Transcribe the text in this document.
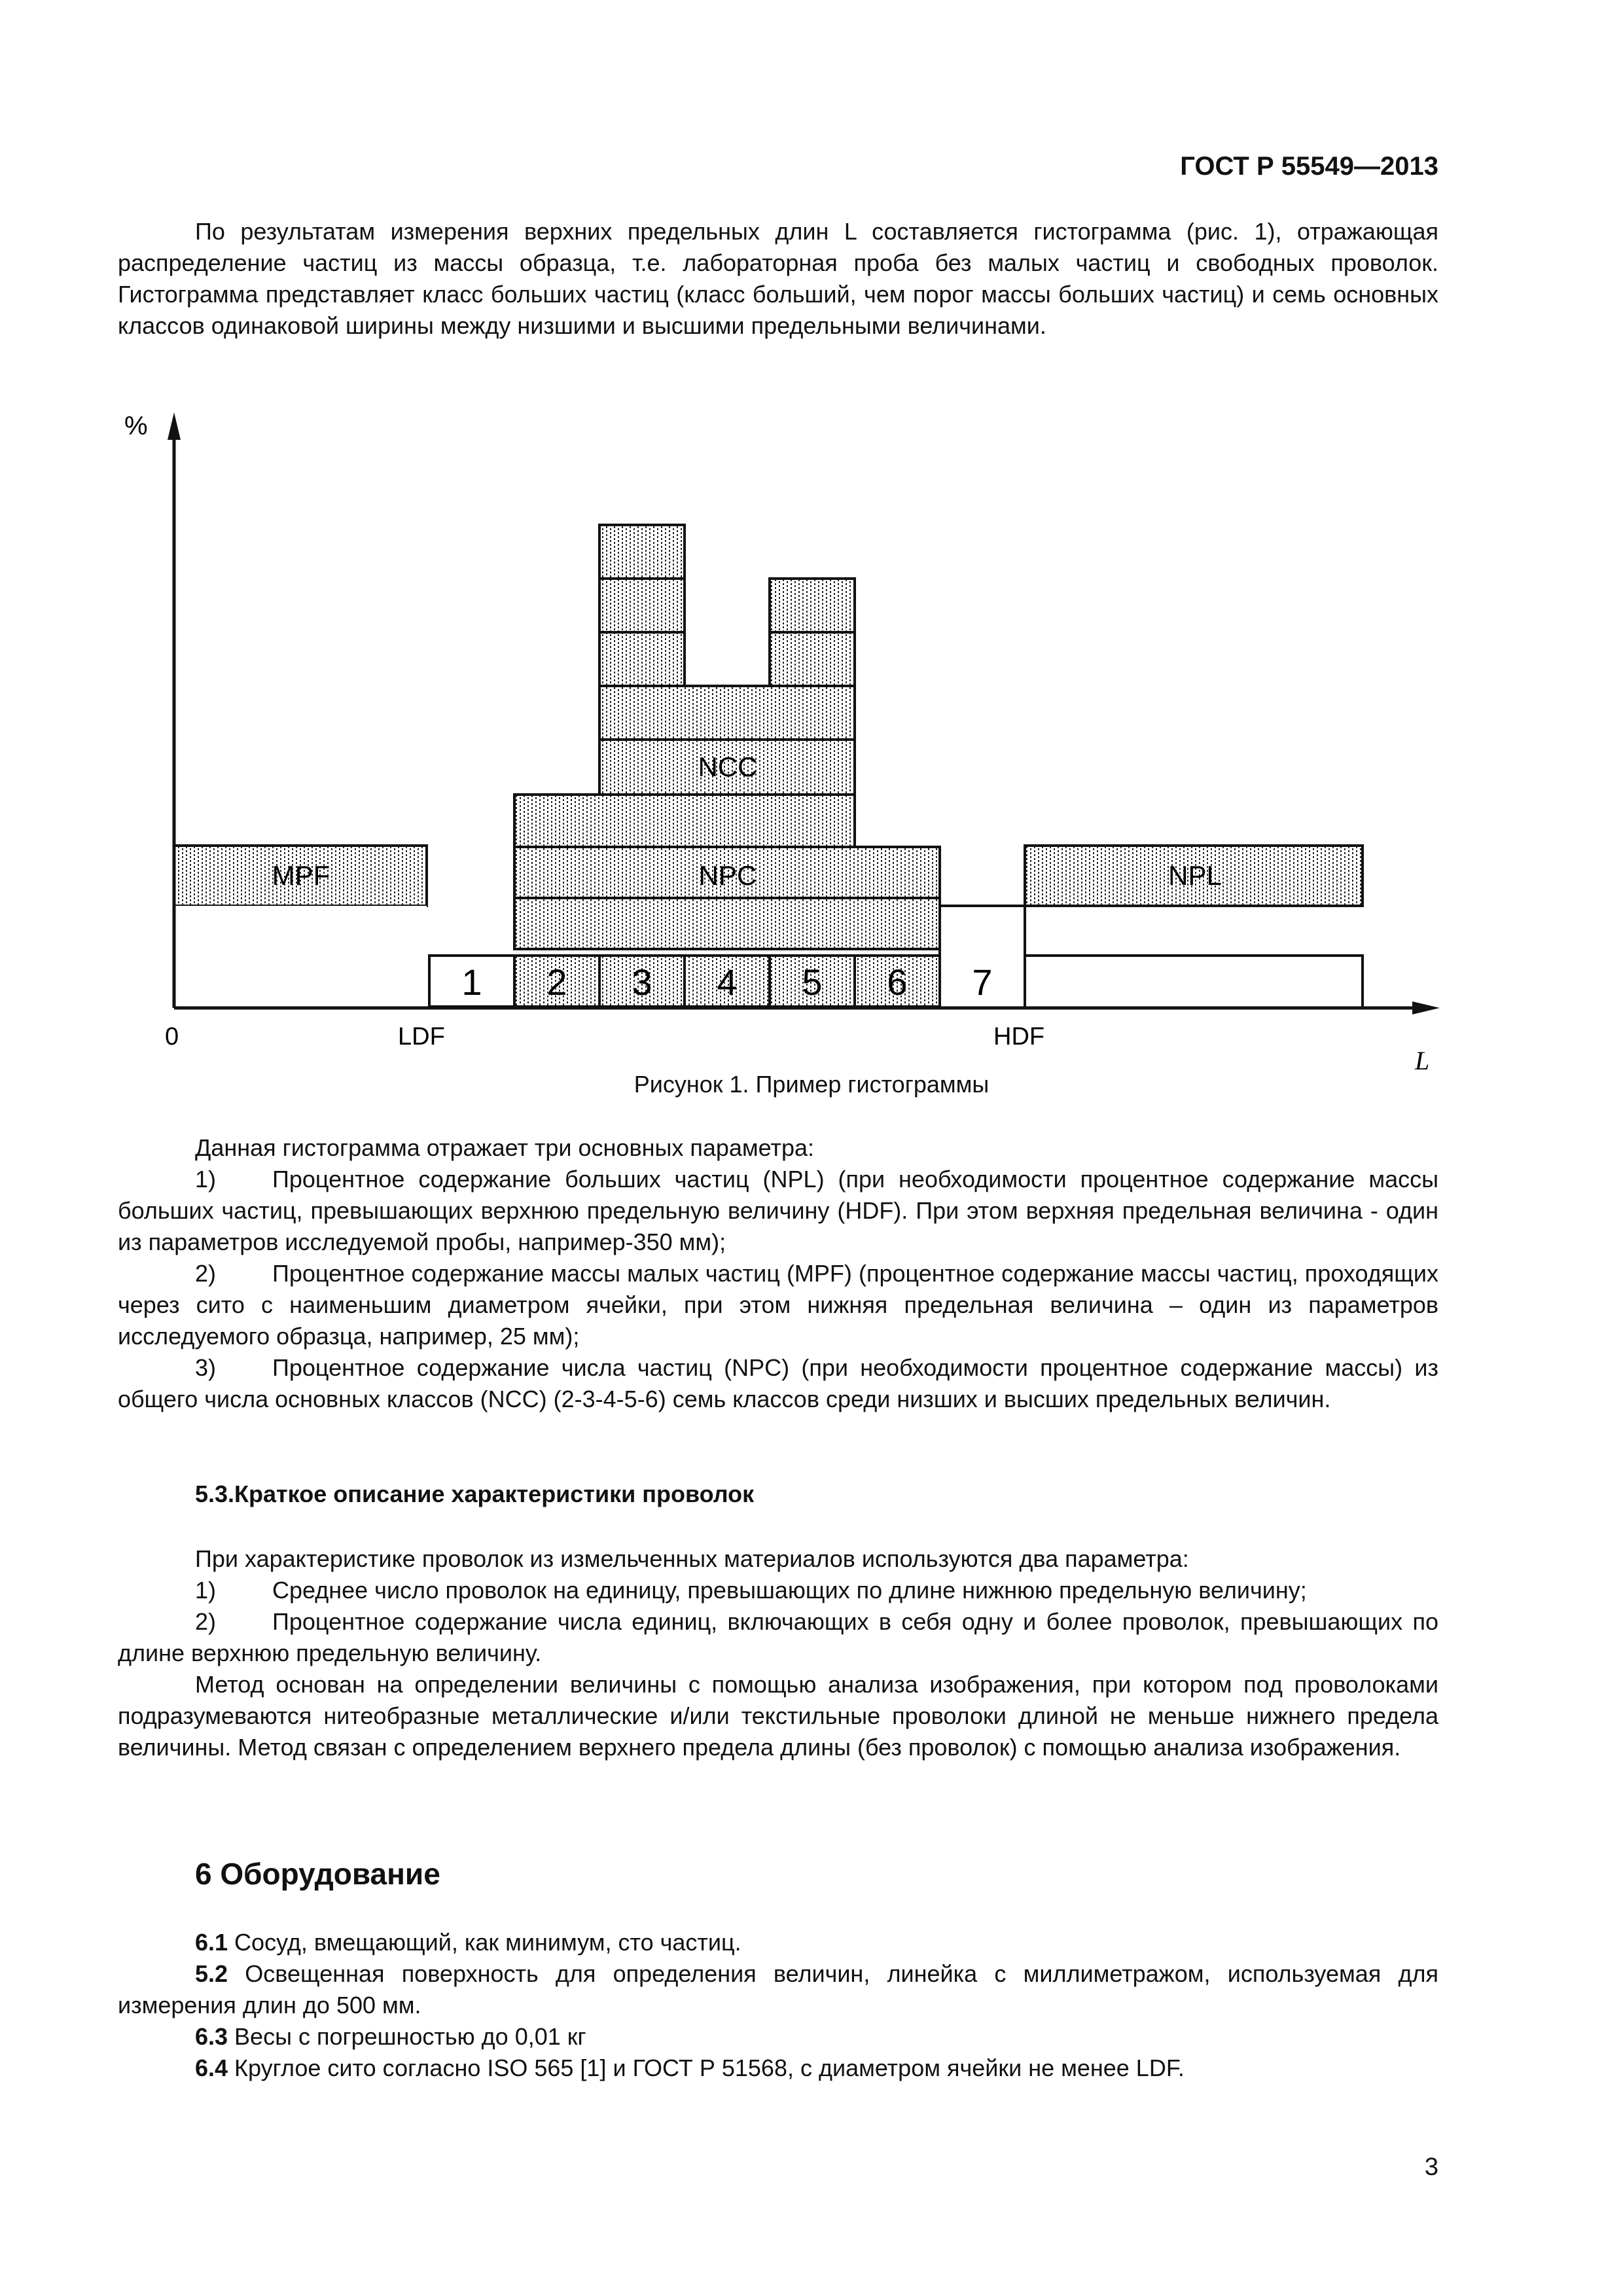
ГОСТ Р 55549—2013

По результатам измерения верхних предельных длин L составляется гистограмма (рис. 1), отражающая распределение частиц из массы образца, т.е. лабораторная проба без малых частиц и свободных проволок. Гистограмма представляет класс больших частиц (класс больший, чем порог массы больших частиц) и семь основных классов одинаковой ширины между низшими и высшими предельными величинами.

%
L
0	LDF	HDF
MPF	NPC
NCC
NPL
1 2 3 4 5 6 7
Рисунок 1. Пример гистограммы

Данная гистограмма отражает три основных параметра:

1) Процентное содержание больших частиц (NPL) (при необходимости процентное содержание массы больших частиц, превышающих верхнюю предельную величину (HDF). При этом верхняя предельная величина - один из параметров исследуемой пробы, например-350 мм);

2) Процентное содержание массы малых частиц (MPF) (процентное содержание массы частиц, проходящих через сито с наименьшим диаметром ячейки, при этом нижняя предельная величина – один из параметров исследуемого образца, например, 25 мм);

3) Процентное содержание числа частиц (NPC) (при необходимости процентное содержание массы) из общего числа основных классов (NCC) (2-3-4-5-6) семь классов среди низших и высших предельных величин.

5.3.Краткое описание характеристики проволок

При характеристике проволок из измельченных материалов используются два параметра:

1) Среднее число проволок на единицу, превышающих по длине нижнюю предельную величину;

2) Процентное содержание числа единиц, включающих в себя одну и более проволок, превышающих по длине верхнюю предельную величину.

Метод основан на определении величины с помощью анализа изображения, при котором под проволоками подразумеваются нитеобразные металлические и/или текстильные проволоки длиной не меньше нижнего предела величины. Метод связан с определением верхнего предела длины (без проволок) с помощью анализа изображения.

6 Оборудование

6.1 Сосуд, вмещающий, как минимум, сто частиц.

5.2 Освещенная поверхность для определения величин, линейка с миллиметражом, используемая для измерения длин до 500 мм.

6.3 Весы с погрешностью до 0,01 кг

6.4 Круглое сито согласно ISO 565 [1] и ГОСТ Р 51568, с диаметром ячейки не менее LDF.

3
